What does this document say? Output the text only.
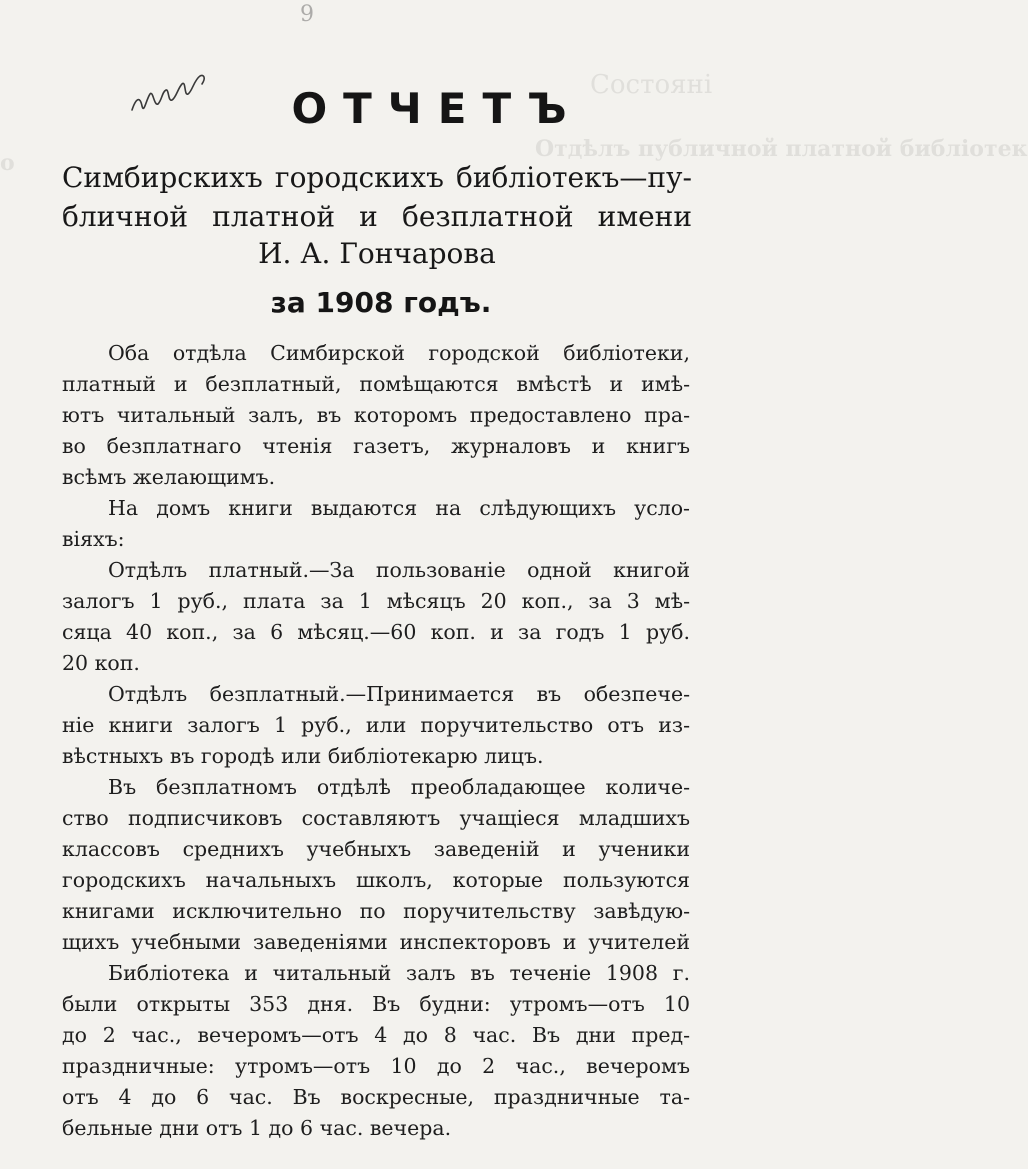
Состояні
Отдѣлъ публичной платной библіотек
о
9
ОТЧЕТЪ
Симбирскихъ городскихъ библіотекъ—пу-
бличной платной и безплатной имени
И. А. Гончарова
за 1908 годъ.
Оба отдѣла Симбирской городской библіотеки,
платный и безплатный, помѣщаются вмѣстѣ и имѣ-
ютъ читальный залъ, въ которомъ предоставлено пра-
во безплатнаго чтенія газетъ, журналовъ и книгъ
всѣмъ желающимъ.
На домъ книги выдаются на слѣдующихъ усло-
віяхъ:
Отдѣлъ платный.—За пользованіе одной книгой
залогъ 1 руб., плата за 1 мѣсяцъ 20 коп., за 3 мѣ-
сяца 40 коп., за 6 мѣсяц.—60 коп. и за годъ 1 руб.
20 коп.
Отдѣлъ безплатный.—Принимается въ обезпече-
ніе книги залогъ 1 руб., или поручительство отъ из-
вѣстныхъ въ городѣ или библіотекарю лицъ.
Въ безплатномъ отдѣлѣ преобладающее количе-
ство подписчиковъ составляютъ учащіеся младшихъ
классовъ среднихъ учебныхъ заведеній и ученики
городскихъ начальныхъ школъ, которые пользуются
книгами исключительно по поручительству завѣдую-
щихъ учебными заведеніями инспекторовъ и учителей
Библіотека и читальный залъ въ теченіе 1908 г.
были открыты 353 дня. Въ будни: утромъ—отъ 10
до 2 час., вечеромъ—отъ 4 до 8 час. Въ дни пред-
праздничные: утромъ—отъ 10 до 2 час., вечеромъ
отъ 4 до 6 час. Въ воскресные, праздничные та-
бельные дни отъ 1 до 6 час. вечера.
